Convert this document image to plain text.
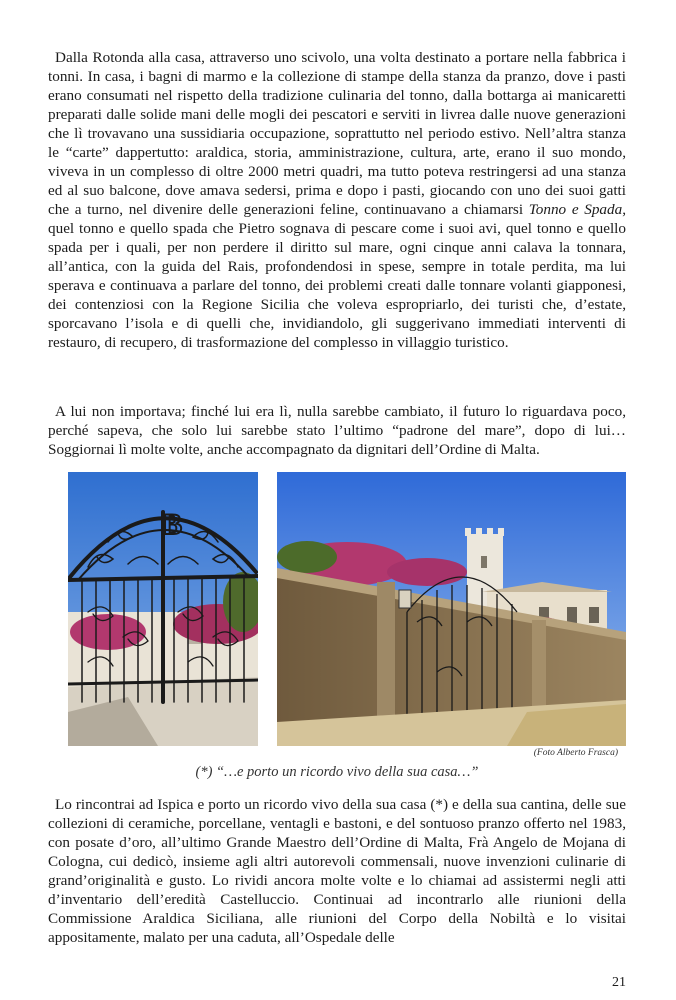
Dalla Rotonda alla casa, attraverso uno scivolo, una volta destinato a portare nella fabbrica i tonni. In casa, i bagni di marmo e la collezione di stampe della stanza da pranzo, dove i pasti erano consumati nel rispetto della tradizione culinaria del tonno, dalla bottarga ai manicaretti preparati dalle solide mani delle mogli dei pescatori e serviti in livrea dalle nuove generazioni che lì trovavano una sussidiaria occupazione, soprattutto nel periodo estivo. Nell’altra stanza le “carte” dappertutto: araldica, storia, amministrazione, cultura, arte, erano il suo mondo, viveva in un complesso di oltre 2000 metri quadri, ma tutto poteva restringersi ad una stanza ed al suo balcone, dove amava sedersi, prima e dopo i pasti, giocando con uno dei suoi gatti che a turno, nel divenire delle generazioni feline, continuavano a chiamarsi Tonno e Spada, quel tonno e quello spada che Pietro sognava di pescare come i suoi avi, quel tonno e quello spada per i quali, per non perdere il diritto sul mare, ogni cinque anni calava la tonnara, all’antica, con la guida del Rais, profondendosi in spese, sempre in totale perdita, ma lui sperava e continuava a parlare del tonno, dei problemi creati dalle tonnare volanti giapponesi, dei contenziosi con la Regione Sicilia che voleva espropriarlo, dei turisti che, d’estate, sporcavano l’isola e di quelli che, invidiandolo, gli suggerivano immediati interventi di restauro, di recupero, di trasformazione del complesso in villaggio turistico.

A lui non importava; finché lui era lì, nulla sarebbe cambiato, il futuro lo riguardava poco, perché sapeva, che solo lui sarebbe stato l’ultimo “padrone del mare”, dopo di lui… Soggiornai lì molte volte, anche accompagnato da dignitari dell’Ordine di Malta.

B
(Foto Alberto Frasca)
(*) “…e porto un ricordo vivo della sua casa…”

Lo rincontrai ad Ispica e porto un ricordo vivo della sua casa (*) e della sua cantina, delle sue collezioni di ceramiche, porcellane, ventagli e bastoni, e del sontuoso pranzo offerto nel 1983, con posate d’oro, all’ultimo Grande Maestro dell’Ordine di Malta, Frà Angelo de Mojana di Cologna, cui dedicò, insieme agli altri autorevoli commensali, nuove invenzioni culinarie di grand’originalità e gusto. Lo rividi ancora molte volte e lo chiamai ad assistermi negli atti d’inventario dell’eredità Castelluccio. Continuai ad incontrarlo alle riunioni della Commissione Araldica Siciliana, alle riunioni del Corpo della Nobiltà e lo visitai appositamente, malato per una caduta, all’Ospedale delle

21
